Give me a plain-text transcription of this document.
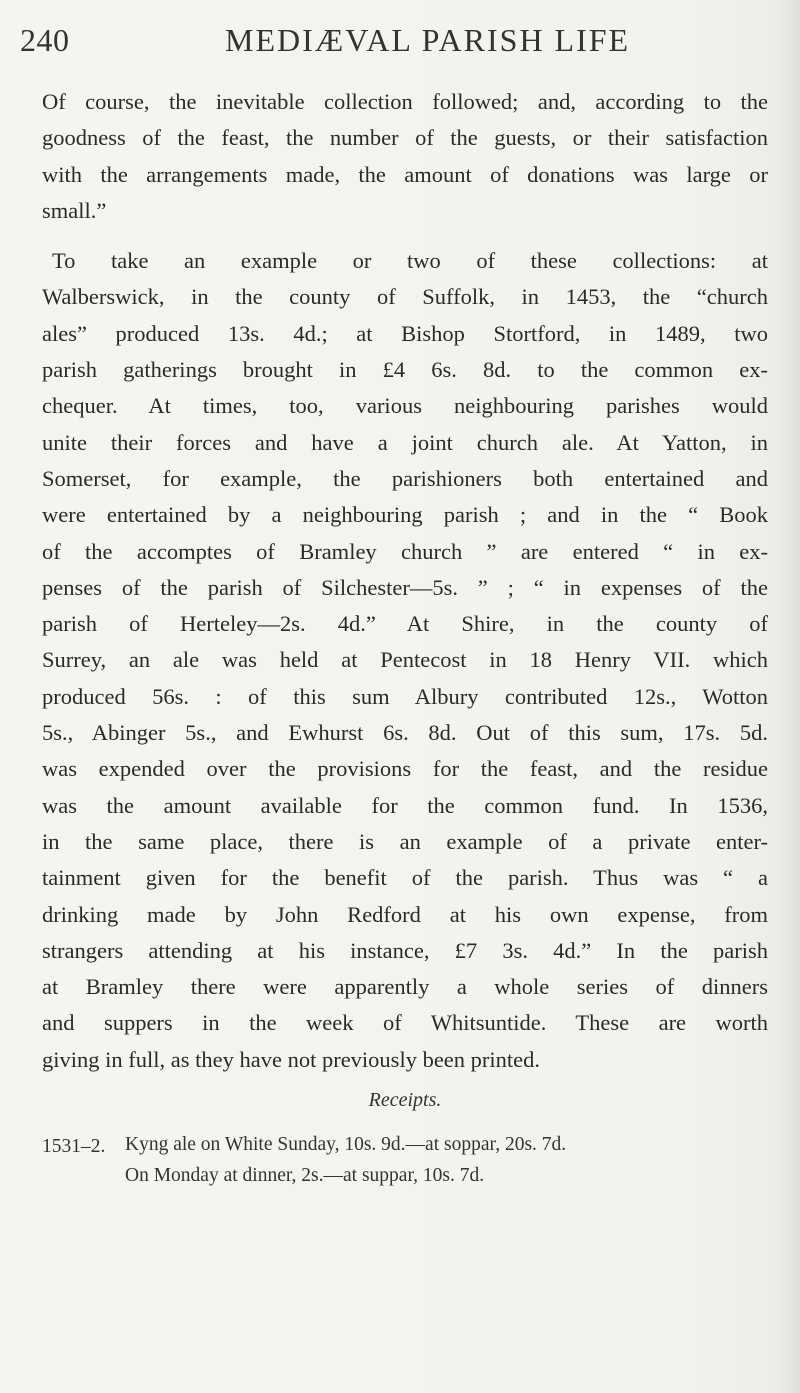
240	MEDIÆVAL PARISH LIFE
Of course, the inevitable collection followed; and, according to the
goodness of the feast, the number of the guests, or their satisfaction
with the arrangements made, the amount of donations was large or
small.”
To take an example or two of these collections: at
Walberswick, in the county of Suffolk, in 1453, the “church
ales” produced 13s. 4d.; at Bishop Stortford, in 1489, two
parish gatherings brought in £4 6s. 8d. to the common ex-
chequer. At times, too, various neighbouring parishes would
unite their forces and have a joint church ale. At Yatton, in
Somerset, for example, the parishioners both entertained and
were entertained by a neighbouring parish ; and in the “ Book
of the accomptes of Bramley church ” are entered “ in ex-
penses of the parish of Silchester—5s. ” ; “ in expenses of the
parish of Herteley—2s. 4d.” At Shire, in the county of
Surrey, an ale was held at Pentecost in 18 Henry VII. which
produced 56s. : of this sum Albury contributed 12s., Wotton
5s., Abinger 5s., and Ewhurst 6s. 8d. Out of this sum, 17s. 5d.
was expended over the provisions for the feast, and the residue
was the amount available for the common fund. In 1536,
in the same place, there is an example of a private enter-
tainment given for the benefit of the parish. Thus was “ a
drinking made by John Redford at his own expense, from
strangers attending at his instance, £7 3s. 4d.” In the parish
at Bramley there were apparently a whole series of dinners
and suppers in the week of Whitsuntide. These are worth
giving in full, as they have not previously been printed.
Receipts.
1531–2. Kyng ale on White Sunday, 10s. 9d.—at soppar, 20s. 7d.
On Monday at dinner, 2s.—at suppar, 10s. 7d.
